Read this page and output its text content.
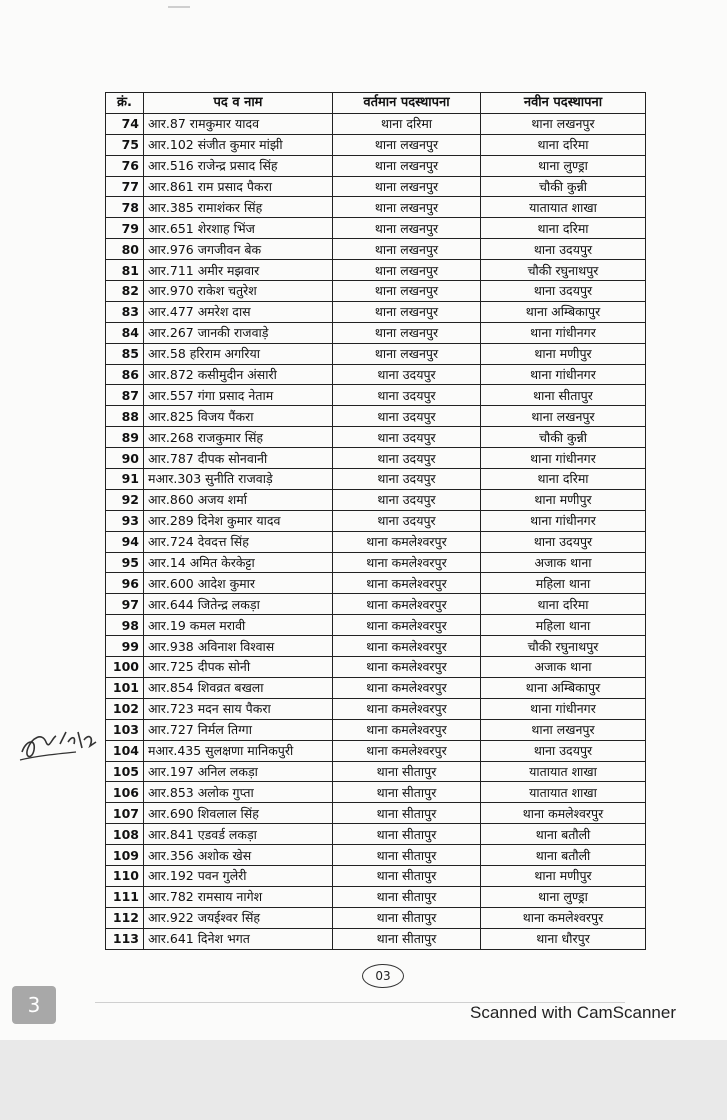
क्रं.	पद व नाम	वर्तमान पदस्थापना	नवीन पदस्थापना
74	आर.87 रामकुमार यादव	थाना दरिमा	थाना लखनपुर
75	आर.102 संजीत कुमार मांझी	थाना लखनपुर	थाना दरिमा
76	आर.516 राजेन्द्र प्रसाद सिंह	थाना लखनपुर	थाना लुण्ड्रा
77	आर.861 राम प्रसाद पैकरा	थाना लखनपुर	चौकी कुन्नी
78	आर.385 रामाशंकर सिंह	थाना लखनपुर	यातायात शाखा
79	आर.651 शेरशाह भिंज	थाना लखनपुर	थाना दरिमा
80	आर.976 जगजीवन बेक	थाना लखनपुर	थाना उदयपुर
81	आर.711 अमीर मझवार	थाना लखनपुर	चौकी रघुनाथपुर
82	आर.970 राकेश चतुरेश	थाना लखनपुर	थाना उदयपुर
83	आर.477 अमरेश दास	थाना लखनपुर	थाना अम्बिकापुर
84	आर.267 जानकी राजवाड़े	थाना लखनपुर	थाना गांधीनगर
85	आर.58 हरिराम अगरिया	थाना लखनपुर	थाना मणीपुर
86	आर.872 कसीमुदीन अंसारी	थाना उदयपुर	थाना गांधीनगर
87	आर.557 गंगा प्रसाद नेताम	थाना उदयपुर	थाना सीतापुर
88	आर.825 विजय पैंकरा	थाना उदयपुर	थाना लखनपुर
89	आर.268 राजकुमार सिंह	थाना उदयपुर	चौकी कुन्नी
90	आर.787 दीपक सोनवानी	थाना उदयपुर	थाना गांधीनगर
91	मआर.303 सुनीति राजवाड़े	थाना उदयपुर	थाना दरिमा
92	आर.860 अजय शर्मा	थाना उदयपुर	थाना मणीपुर
93	आर.289 दिनेश कुमार यादव	थाना उदयपुर	थाना गांधीनगर
94	आर.724 देवदत्त सिंह	थाना कमलेश्वरपुर	थाना उदयपुर
95	आर.14 अमित केरकेट्टा	थाना कमलेश्वरपुर	अजाक थाना
96	आर.600 आदेश कुमार	थाना कमलेश्वरपुर	महिला थाना
97	आर.644 जितेन्द्र लकड़ा	थाना कमलेश्वरपुर	थाना दरिमा
98	आर.19 कमल मरावी	थाना कमलेश्वरपुर	महिला थाना
99	आर.938 अविनाश विश्वास	थाना कमलेश्वरपुर	चौकी रघुनाथपुर
100	आर.725 दीपक सोनी	थाना कमलेश्वरपुर	अजाक थाना
101	आर.854 शिवव्रत बखला	थाना कमलेश्वरपुर	थाना अम्बिकापुर
102	आर.723 मदन साय पैकरा	थाना कमलेश्वरपुर	थाना गांधीनगर
103	आर.727 निर्मल तिग्गा	थाना कमलेश्वरपुर	थाना लखनपुर
104	मआर.435 सुलक्षणा मानिकपुरी	थाना कमलेश्वरपुर	थाना उदयपुर
105	आर.197 अनिल लकड़ा	थाना सीतापुर	यातायात शाखा
106	आर.853 अलोक गुप्ता	थाना सीतापुर	यातायात शाखा
107	आर.690 शिवलाल सिंह	थाना सीतापुर	थाना कमलेश्वरपुर
108	आर.841 एडवर्ड लकड़ा	थाना सीतापुर	थाना बतौली
109	आर.356 अशोक खेस	थाना सीतापुर	थाना बतौली
110	आर.192 पवन गुलेरी	थाना सीतापुर	थाना मणीपुर
111	आर.782 रामसाय नागेश	थाना सीतापुर	थाना लुण्ड्रा
112	आर.922 जयईश्वर सिंह	थाना सीतापुर	थाना कमलेश्वरपुर
113	आर.641 दिनेश भगत	थाना सीतापुर	थाना धौरपुर
03
3	Scanned with CamScanner
